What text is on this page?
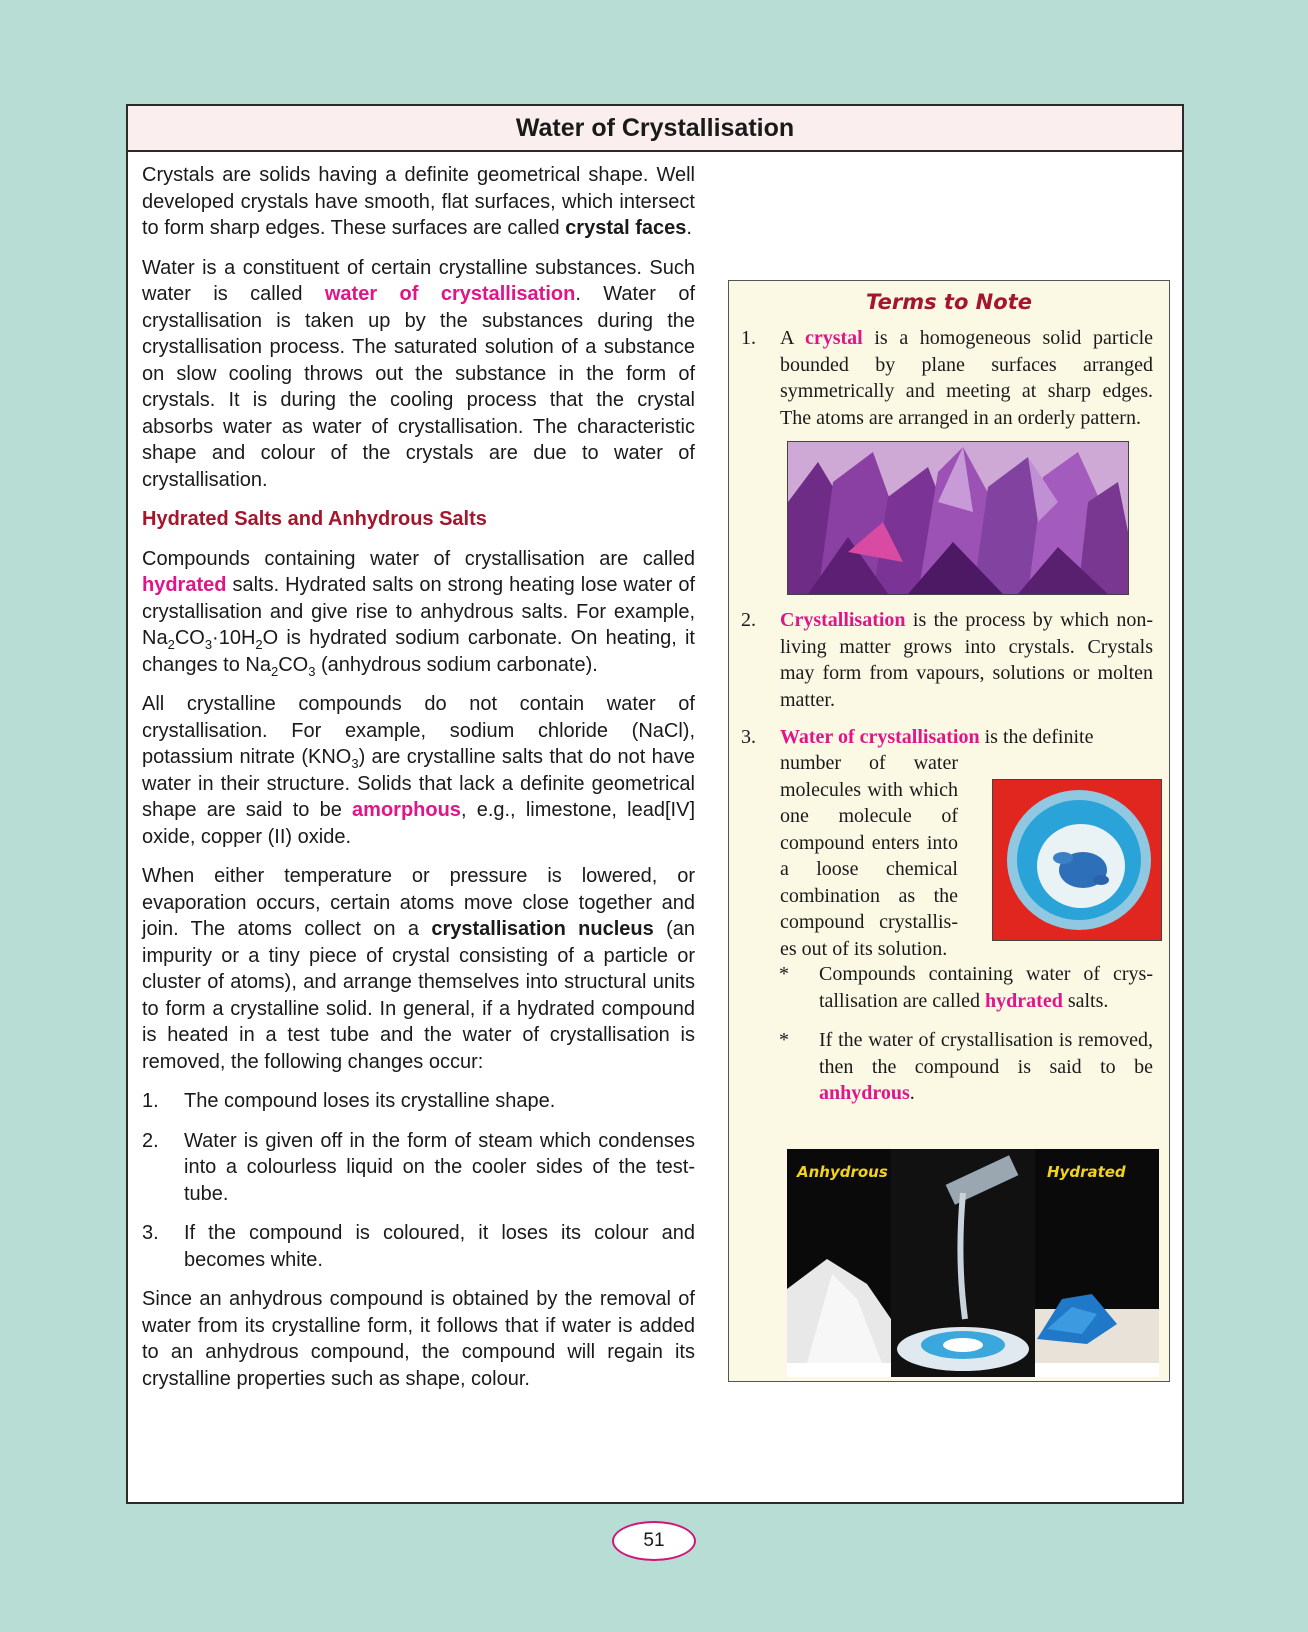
Water of Crystallisation

Crystals are solids having a definite geometrical shape. Well developed crystals have smooth, flat surfaces, which intersect to form sharp edges. These surfaces are called crystal faces.

Water is a constituent of certain crystalline substances. Such water is called water of crystallisation. Water of crystallisation is taken up by the substances during the crystallisation process. The saturated solution of a substance on slow cooling throws out the substance in the form of crystals. It is during the cooling process that the crystal absorbs water as water of crystallisation. The characteristic shape and colour of the crystals are due to water of crystallisation.

Hydrated Salts and Anhydrous Salts

Compounds containing water of crystallisation are called hydrated salts. Hydrated salts on strong heating lose water of crystallisation and give rise to anhydrous salts. For example, $Na_2CO_3\cdot 10H_2O$ is hydrated sodium carbonate. On heating, it changes to $Na_2CO_3$ (anhydrous sodium carbonate).

All crystalline compounds do not contain water of crystallisation. For example, sodium chloride (NaCl), potassium nitrate $(KNO_3)$ are crystalline salts that do not have water in their structure. Solids that lack a definite geometrical shape are said to be amorphous, e.g., limestone, lead[IV] oxide, copper (II) oxide.

When either temperature or pressure is lowered, or evaporation occurs, certain atoms move close together and join. The atoms collect on a crystallisation nucleus (an impurity or a tiny piece of crystal consisting of a particle or cluster of atoms), and arrange themselves into structural units to form a crystalline solid. In general, if a hydrated compound is heated in a test tube and the water of crystallisation is removed, the following changes occur:

1.	The compound loses its crystalline shape.
2.	Water is given off in the form of steam which condenses into a colourless liquid on the cooler sides of the test-tube.
3.	If the compound is coloured, it loses its colour and becomes white.

Since an anhydrous compound is obtained by the removal of water from its crystalline form, it follows that if water is added to an anhydrous compound, the compound will regain its crystalline properties such as shape, colour.

Terms to Note
1.	A crystal is a homogeneous solid particle bounded by plane surfaces arranged symmetrically and meeting at sharp edges. The atoms are arranged in an orderly pattern.
2.	Crystallisation is the process by which non-living matter grows into crystals. Crystals may form from vapours, solutions or molten matter.
3.	Water of crystallisation is the definite
number of water molecules with which one molecule of compound enters into a loose chemical combination as the compound crystallis-es out of its solution.
*	Compounds containing water of crys-tallisation are called hydrated salts.
*	If the water of crystallisation is removed, then the compound is said to be anhydrous.
Anhydrous	Hydrated
51
